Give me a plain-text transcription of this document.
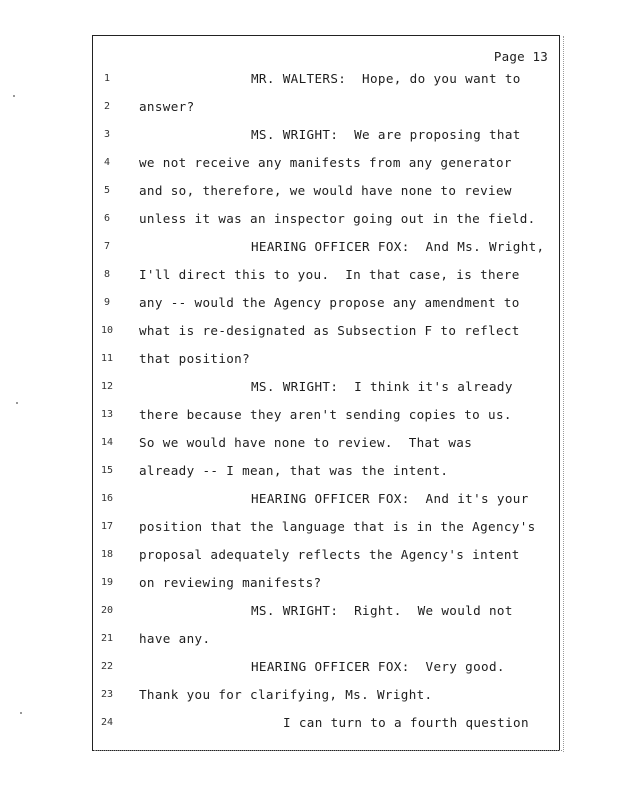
Page 13
1	MR. WALTERS:  Hope, do you want to
2	answer?
3	MS. WRIGHT:  We are proposing that
4	we not receive any manifests from any generator
5	and so, therefore, we would have none to review
6	unless it was an inspector going out in the field.
7	HEARING OFFICER FOX:  And Ms. Wright,
8	I'll direct this to you.  In that case, is there
9	any -- would the Agency propose any amendment to
10	what is re-designated as Subsection F to reflect
11	that position?
12	MS. WRIGHT:  I think it's already
13	there because they aren't sending copies to us.
14	So we would have none to review.  That was
15	already -- I mean, that was the intent.
16	HEARING OFFICER FOX:  And it's your
17	position that the language that is in the Agency's
18	proposal adequately reflects the Agency's intent
19	on reviewing manifests?
20	MS. WRIGHT:  Right.  We would not
21	have any.
22	HEARING OFFICER FOX:  Very good.
23	Thank you for clarifying, Ms. Wright.
24	I can turn to a fourth question
